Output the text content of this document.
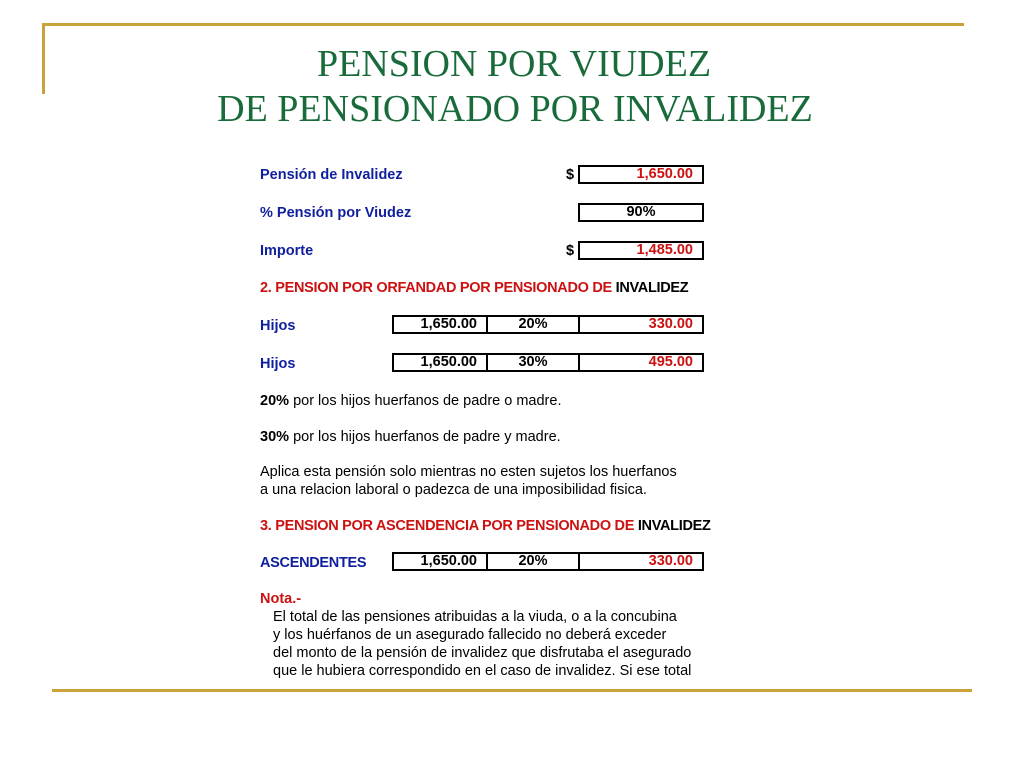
PENSION POR VIUDEZ
DE PENSIONADO POR INVALIDEZ
Pensión de Invalidez	$	1,650.00
% Pensión por Viudez	90%
Importe	$	1,485.00
2. PENSION POR ORFANDAD POR PENSIONADO DE INVALIDEZ
Hijos	1,650.00	20%	330.00
Hijos	1,650.00	30%	495.00
20% por los hijos huerfanos de padre o madre.
30% por los hijos huerfanos de padre y madre.
Aplica esta pensión solo mientras no esten sujetos los huerfanos
a una relacion laboral o padezca de una imposibilidad fisica.
3. PENSION POR ASCENDENCIA POR PENSIONADO DE INVALIDEZ
ASCENDENTES	1,650.00	20%	330.00
Nota.-
El total de las pensiones atribuidas a la viuda, o a la concubina
y los huérfanos de un asegurado fallecido no deberá exceder
del monto de la pensión de invalidez que disfrutaba el asegurado
que le hubiera correspondido en el caso de invalidez. Si ese total
